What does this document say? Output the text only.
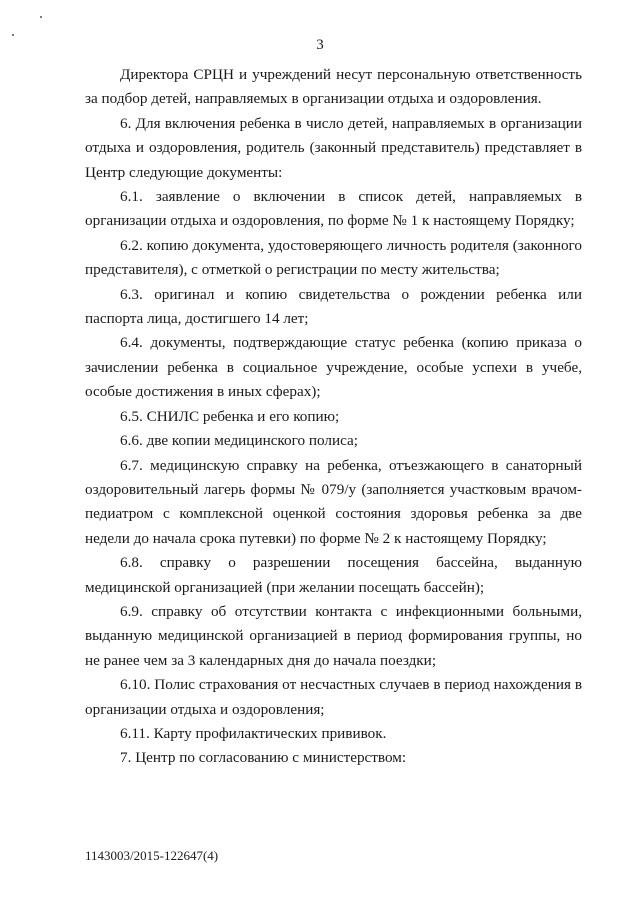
3

Директора СРЦН и учреждений несут персональную ответственность за подбор детей, направляемых в организации отдыха и оздоровления.

6. Для включения ребенка в число детей, направляемых в организации отдыха и оздоровления, родитель (законный представитель) представляет в Центр следующие документы:

6.1. заявление о включении в список детей, направляемых в организации отдыха и оздоровления, по форме № 1 к настоящему Порядку;

6.2. копию документа, удостоверяющего личность родителя (законного представителя), с отметкой о регистрации по месту жительства;

6.3. оригинал и копию свидетельства о рождении ребенка или паспорта лица, достигшего 14 лет;

6.4. документы, подтверждающие статус ребенка (копию приказа о зачислении ребенка в социальное учреждение, особые успехи в учебе, особые достижения в иных сферах);

6.5. СНИЛС ребенка и его копию;

6.6. две копии медицинского полиса;

6.7. медицинскую справку на ребенка, отъезжающего в санаторный оздоровительный лагерь формы № 079/у (заполняется участковым врачом-педиатром с комплексной оценкой состояния здоровья ребенка за две недели до начала срока путевки) по форме № 2 к настоящему Порядку;

6.8. справку о разрешении посещения бассейна, выданную медицинской организацией (при желании посещать бассейн);

6.9. справку об отсутствии контакта с инфекционными больными, выданную медицинской организацией в период формирования группы, но не ранее чем за 3 календарных дня до начала поездки;

6.10. Полис страхования от несчастных случаев в период нахождения в организации отдыха и оздоровления;

6.11. Карту профилактических прививок.

7. Центр по согласованию с министерством:

1143003/2015-122647(4)
